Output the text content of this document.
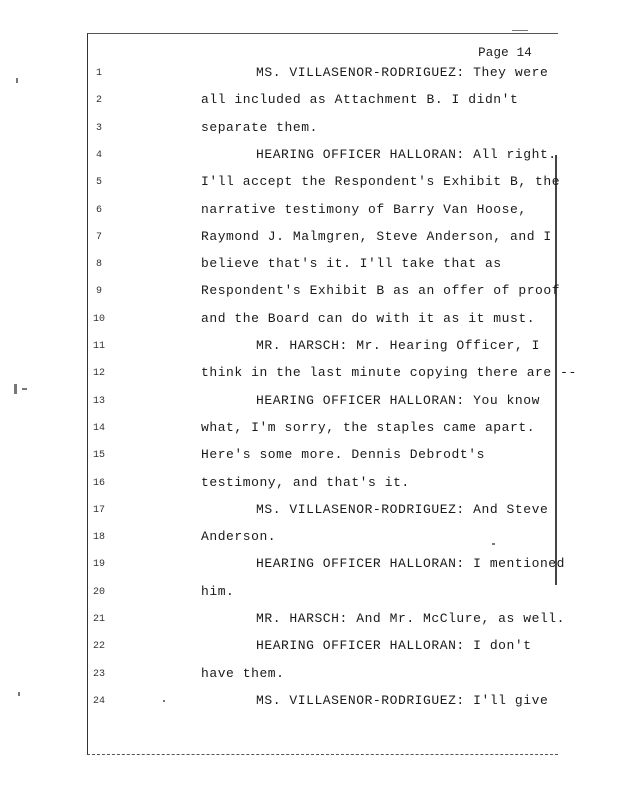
Page 14
1	MS. VILLASENOR-RODRIGUEZ: They were
2	all included as Attachment B. I didn't
3	separate them.
4	HEARING OFFICER HALLORAN: All right.
5	I'll accept the Respondent's Exhibit B, the
6	narrative testimony of Barry Van Hoose,
7	Raymond J. Malmgren, Steve Anderson, and I
8	believe that's it. I'll take that as
9	Respondent's Exhibit B as an offer of proof
10	and the Board can do with it as it must.
11	MR. HARSCH: Mr. Hearing Officer, I
12	think in the last minute copying there are --
13	HEARING OFFICER HALLORAN: You know
14	what, I'm sorry, the staples came apart.
15	Here's some more. Dennis Debrodt's
16	testimony, and that's it.
17	MS. VILLASENOR-RODRIGUEZ: And Steve
18	Anderson.
19	HEARING OFFICER HALLORAN: I mentioned
20	him.
21	MR. HARSCH: And Mr. McClure, as well.
22	HEARING OFFICER HALLORAN: I don't
23	have them.
24	MS. VILLASENOR-RODRIGUEZ: I'll give
